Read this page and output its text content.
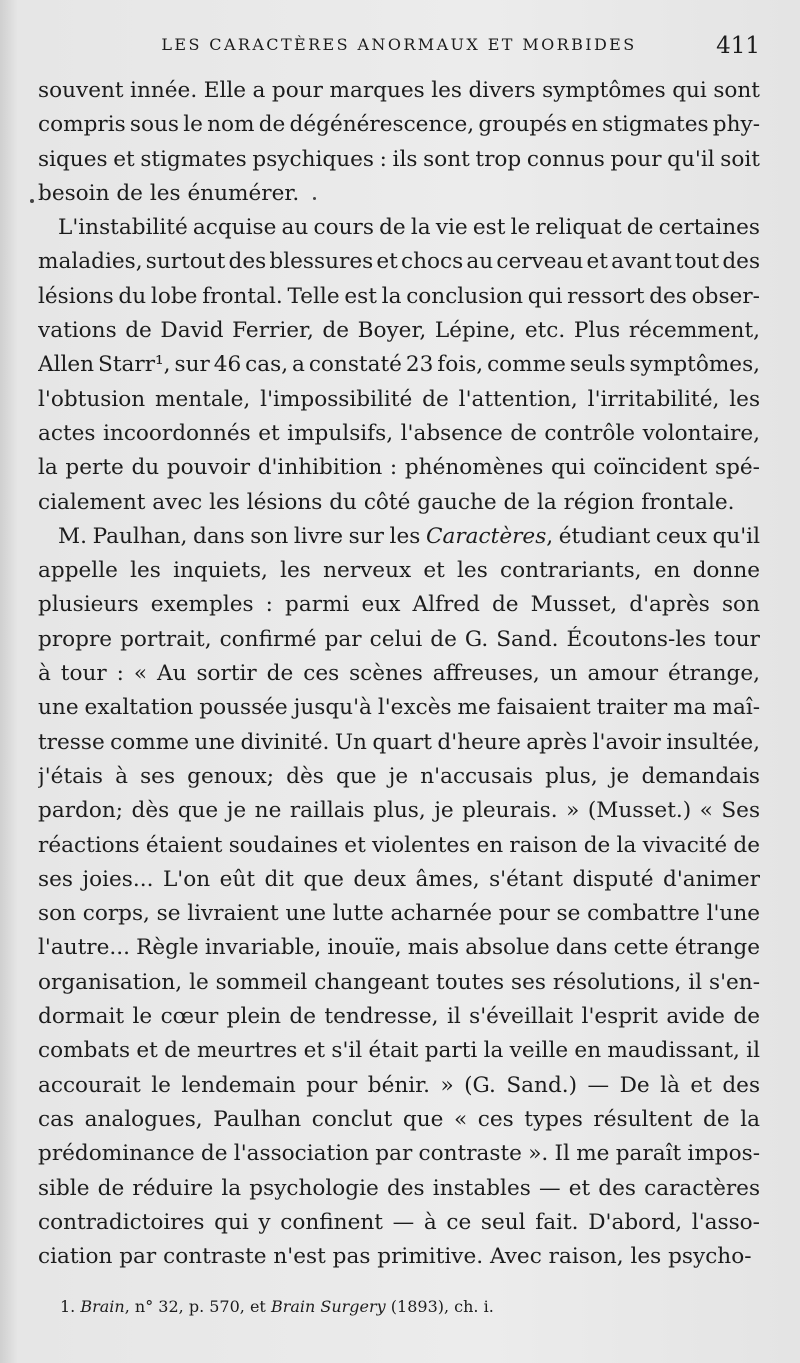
LES CARACTÈRES ANORMAUX ET MORBIDES	411
souvent innée. Elle a pour marques les divers symptômes qui sont
compris sous le nom de dégénérescence, groupés en stigmates phy-
siques et stigmates psychiques : ils sont trop connus pour qu'il soit
besoin de les énumérer.
L'instabilité acquise au cours de la vie est le reliquat de certaines
maladies, surtout des blessures et chocs au cerveau et avant tout des
lésions du lobe frontal. Telle est la conclusion qui ressort des obser-
vations de David Ferrier, de Boyer, Lépine, etc. Plus récemment,
Allen Starr¹, sur 46 cas, a constaté 23 fois, comme seuls symptômes,
l'obtusion mentale, l'impossibilité de l'attention, l'irritabilité, les
actes incoordonnés et impulsifs, l'absence de contrôle volontaire,
la perte du pouvoir d'inhibition : phénomènes qui coïncident spé-
cialement avec les lésions du côté gauche de la région frontale.
M. Paulhan, dans son livre sur les Caractères, étudiant ceux qu'il
appelle les inquiets, les nerveux et les contrariants, en donne
plusieurs exemples : parmi eux Alfred de Musset, d'après son
propre portrait, confirmé par celui de G. Sand. Écoutons-les tour
à tour : « Au sortir de ces scènes affreuses, un amour étrange,
une exaltation poussée jusqu'à l'excès me faisaient traiter ma maî-
tresse comme une divinité. Un quart d'heure après l'avoir insultée,
j'étais à ses genoux; dès que je n'accusais plus, je demandais
pardon; dès que je ne raillais plus, je pleurais. » (Musset.) « Ses
réactions étaient soudaines et violentes en raison de la vivacité de
ses joies... L'on eût dit que deux âmes, s'étant disputé d'animer
son corps, se livraient une lutte acharnée pour se combattre l'une
l'autre... Règle invariable, inouïe, mais absolue dans cette étrange
organisation, le sommeil changeant toutes ses résolutions, il s'en-
dormait le cœur plein de tendresse, il s'éveillait l'esprit avide de
combats et de meurtres et s'il était parti la veille en maudissant, il
accourait le lendemain pour bénir. » (G. Sand.) — De là et des
cas analogues, Paulhan conclut que « ces types résultent de la
prédominance de l'association par contraste ». Il me paraît impos-
sible de réduire la psychologie des instables — et des caractères
contradictoires qui y confinent — à ce seul fait. D'abord, l'asso-
ciation par contraste n'est pas primitive. Avec raison, les psycho-
1. Brain, n° 32, p. 570, et Brain Surgery (1893), ch. i.
